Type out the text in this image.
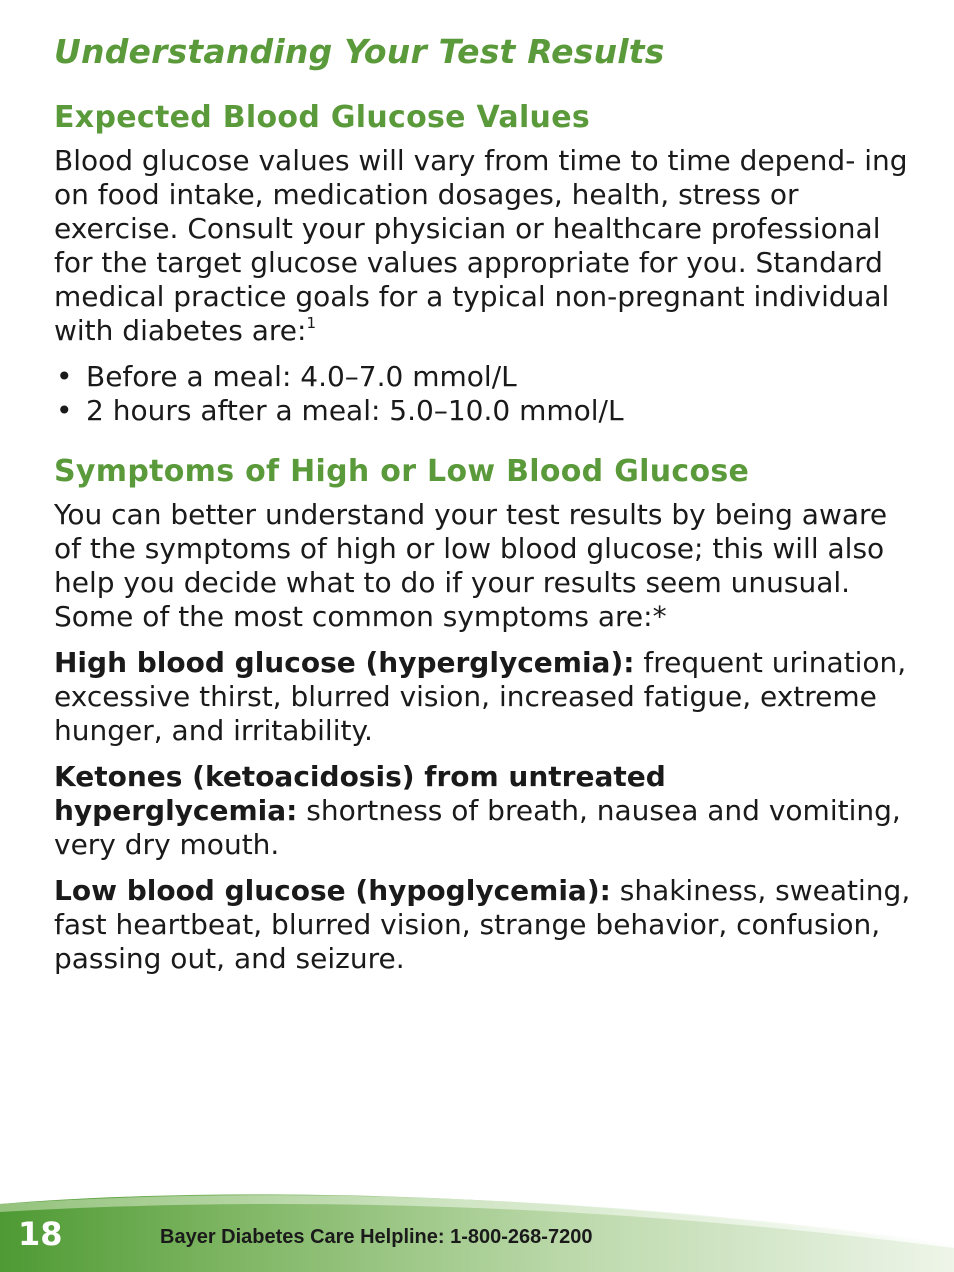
Understanding Your Test Results
Expected Blood Glucose Values

Blood glucose values will vary from time to time depend- ing on food intake, medication dosages, health, stress or exercise. Consult your physician or healthcare professional for the target glucose values appropriate for you. Standard medical practice goals for a typical non-pregnant individual with diabetes are:$^1$

• Before a meal: 4.0–7.0 mmol/L
• 2 hours after a meal: 5.0–10.0 mmol/L
Symptoms of High or Low Blood Glucose

You can better understand your test results by being aware of the symptoms of high or low blood glucose; this will also help you decide what to do if your results seem unusual. Some of the most common symptoms are:*

High blood glucose (hyperglycemia): frequent urination, excessive thirst, blurred vision, increased fatigue, extreme hunger, and irritability.

Ketones (ketoacidosis) from untreated hyperglycemia: shortness of breath, nausea and vomiting, very dry mouth.

Low blood glucose (hypoglycemia): shakiness, sweating, fast heartbeat, blurred vision, strange behavior, confusion, passing out, and seizure.

18	Bayer Diabetes Care Helpline: 1-800-268-7200
